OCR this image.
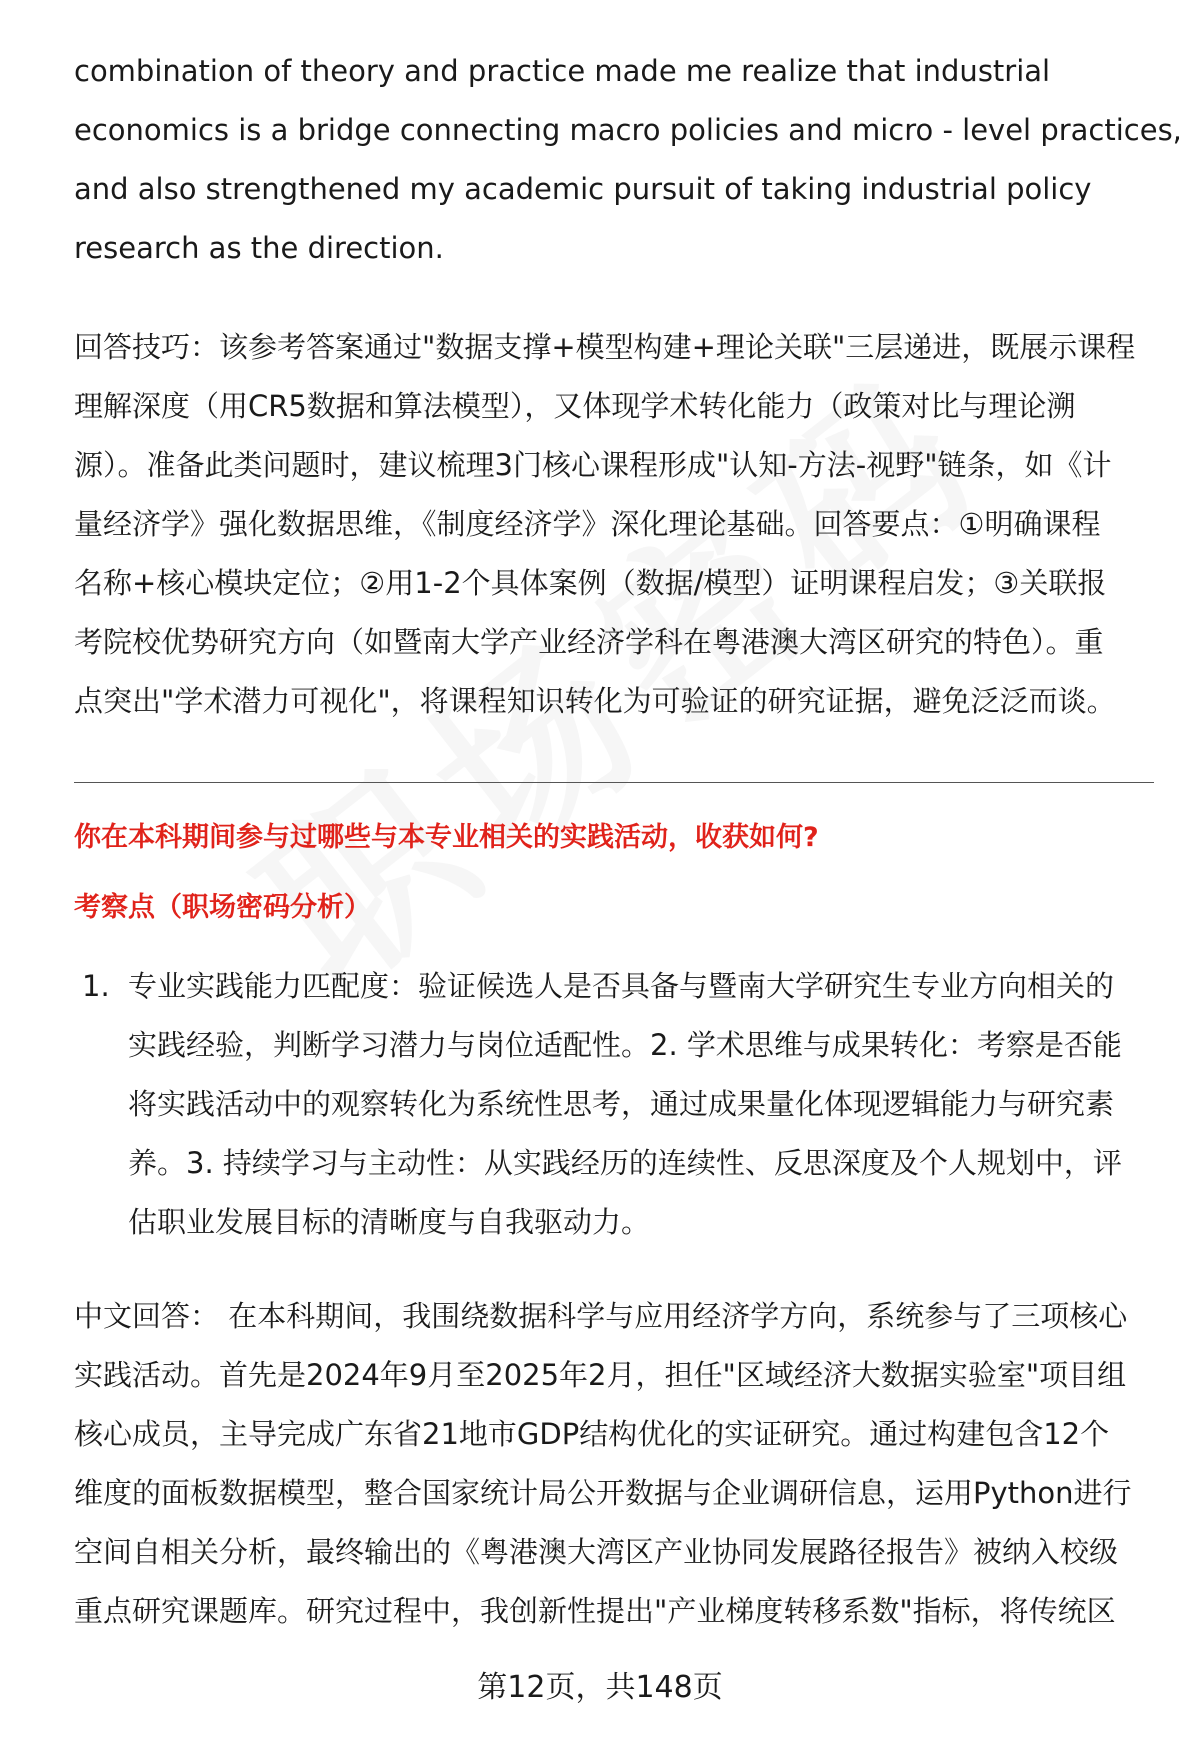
combination of theory and practice made me realize that industrial
economics is a bridge connecting macro policies and micro - level practices,
and also strengthened my academic pursuit of taking industrial policy
research as the direction.
回答技巧：该参考答案通过"数据支撑+模型构建+理论关联"三层递进，既展示课程
理解深度（用CR5数据和算法模型），又体现学术转化能力（政策对比与理论溯
源）。准备此类问题时，建议梳理3门核心课程形成"认知-方法-视野"链条，如《计
量经济学》强化数据思维，《制度经济学》深化理论基础。回答要点：①明确课程
名称+核心模块定位；②用1-2个具体案例（数据/模型）证明课程启发；③关联报
考院校优势研究方向（如暨南大学产业经济学科在粤港澳大湾区研究的特色）。重
点突出"学术潜力可视化"，将课程知识转化为可验证的研究证据，避免泛泛而谈。
你在本科期间参与过哪些与本专业相关的实践活动，收获如何?
考察点（职场密码分析）
1. 专业实践能力匹配度：验证候选人是否具备与暨南大学研究生专业方向相关的
实践经验，判断学习潜力与岗位适配性。2. 学术思维与成果转化：考察是否能
将实践活动中的观察转化为系统性思考，通过成果量化体现逻辑能力与研究素
养。3. 持续学习与主动性：从实践经历的连续性、反思深度及个人规划中，评
估职业发展目标的清晰度与自我驱动力。
中文回答： 在本科期间，我围绕数据科学与应用经济学方向，系统参与了三项核心
实践活动。首先是2024年9月至2025年2月，担任"区域经济大数据实验室"项目组
核心成员，主导完成广东省21地市GDP结构优化的实证研究。通过构建包含12个
维度的面板数据模型，整合国家统计局公开数据与企业调研信息，运用Python进行
空间自相关分析，最终输出的《粤港澳大湾区产业协同发展路径报告》被纳入校级
重点研究课题库。研究过程中，我创新性提出"产业梯度转移系数"指标，将传统区
第12页，共148页
